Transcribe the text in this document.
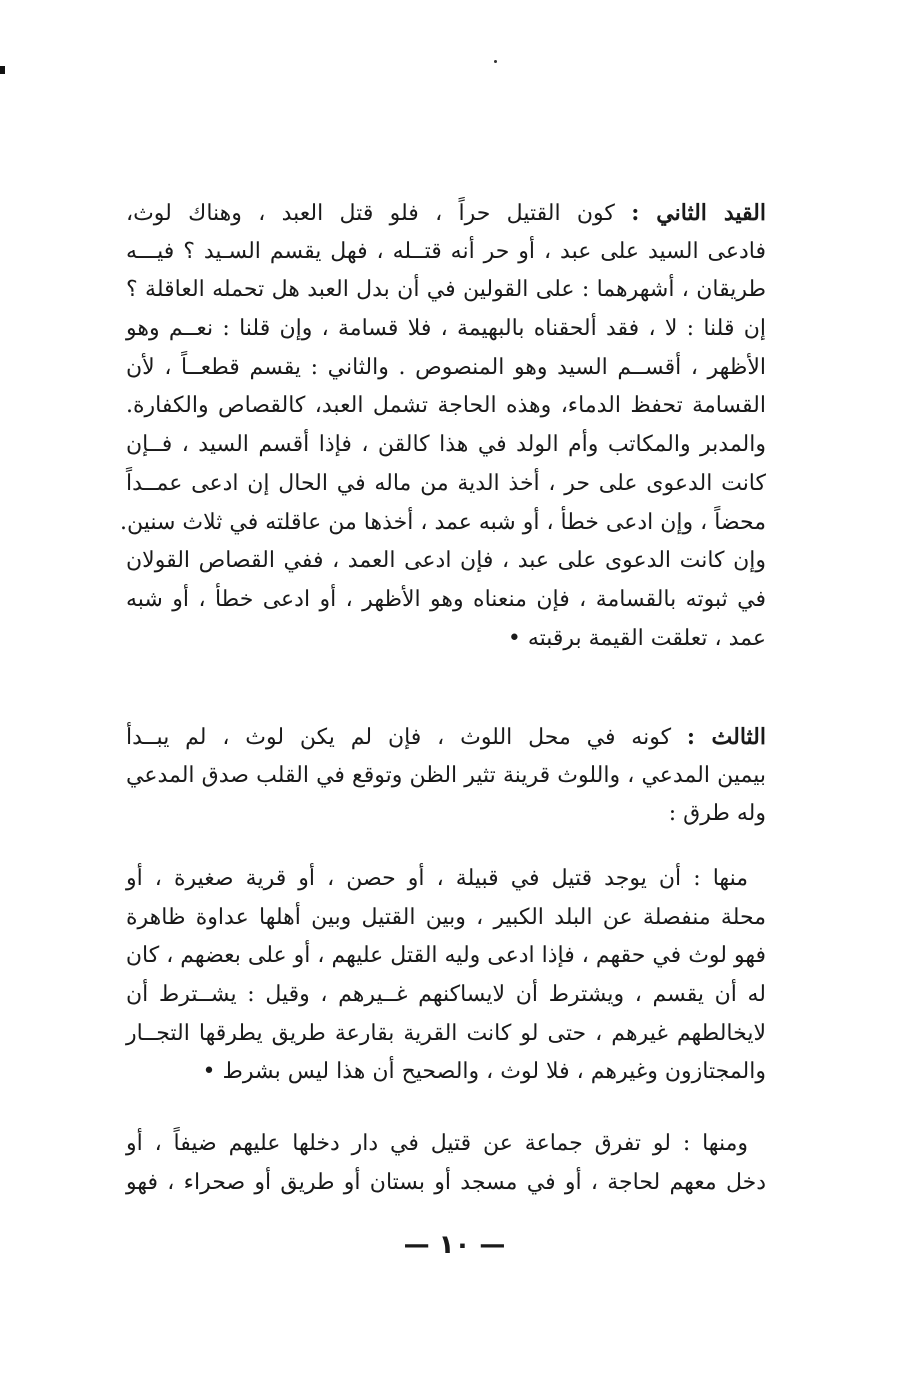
القيد الثاني : كون القتيل حراً ، فلو قتل العبد ، وهناك لوث،
فادعى السيد على عبد ، أو حر أنه قتــله ، فهل يقسم السـيد ؟ فيـــه
طريقان ، أشهرهما : على القولين في أن بدل العبد هل تحمله العاقلة ؟
إن قلنا : لا ، فقد ألحقناه بالبهيمة ، فلا قسامة ، وإن قلنا : نعــم وهو
الأظهر ، أقســم السيد وهو المنصوص . والثاني : يقسم قطعــاً ، لأن
القسامة تحفظ الدماء، وهذه الحاجة تشمل العبد، كالقصاص والكفارة.
والمدبر والمكاتب وأم الولد في هذا كالقن ، فإذا أقسم السيد ، فــإن
كانت الدعوى على حر ، أخذ الدية من ماله في الحال إن ادعى عمــداً
محضاً ، وإن ادعى خطأ ، أو شبه عمد ، أخذها من عاقلته في ثلاث سنين.
وإن كانت الدعوى على عبد ، فإن ادعى العمد ، ففي القصاص القولان
في ثبوته بالقسامة ، فإن منعناه وهو الأظهر ، أو ادعى خطأ ، أو شبه
عمد ، تعلقت القيمة برقبته •
الثالث : كونه في محل اللوث ، فإن لم يكن لوث ، لم يبــدأ
بيمين المدعي ، واللوث قرينة تثير الظن وتوقع في القلب صدق المدعي
وله طرق :
منها : أن يوجد قتيل في قبيلة ، أو حصن ، أو قرية صغيرة ، أو
محلة منفصلة عن البلد الكبير ، وبين القتيل وبين أهلها عداوة ظاهرة
فهو لوث في حقهم ، فإذا ادعى وليه القتل عليهم ، أو على بعضهم ، كان
له أن يقسم ، ويشترط أن لايساكنهم غــيرهم ، وقيل : يشــترط أن
لايخالطهم غيرهم ، حتى لو كانت القرية بقارعة طريق يطرقها التجــار
والمجتازون وغيرهم ، فلا لوث ، والصحيح أن هذا ليس بشرط •
ومنها : لو تفرق جماعة عن قتيل في دار دخلها عليهم ضيفاً ، أو
دخل معهم لحاجة ، أو في مسجد أو بستان أو طريق أو صحراء ، فهو
— ١٠ —
